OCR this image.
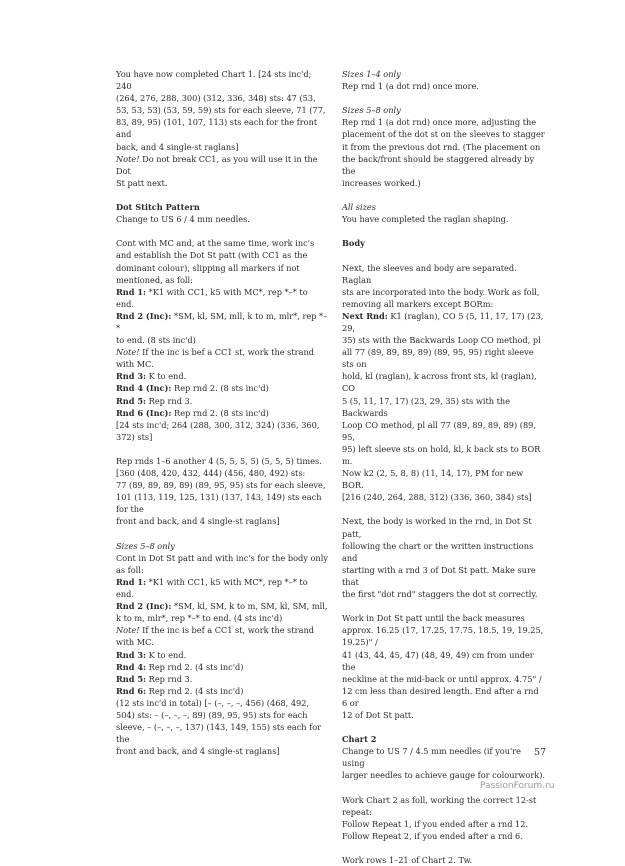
You have now completed Chart 1. [24 sts inc'd; 240
(264, 276, 288, 300) (312, 336, 348) sts: 47 (53,
53, 53, 53) (53, 59, 59) sts for each sleeve, 71 (77,
83, 89, 95) (101, 107, 113) sts each for the front and
back, and 4 single-st raglans]
Note! Do not break CC1, as you will use it in the Dot
St patt next.

Dot Stitch Pattern
Change to US 6 / 4 mm needles.

Cont with MC and, at the same time, work inc's
and establish the Dot St patt (with CC1 as the
dominant colour), slipping all markers if not
mentioned, as foll:
Rnd 1: *K1 with CC1, k5 with MC*, rep *–* to end.
Rnd 2 (Inc): *SM, kl, SM, mll, k to m, mlr*, rep *–*
to end. (8 sts inc'd)
Note! If the inc is bef a CC1 st, work the strand
with MC.
Rnd 3: K to end.
Rnd 4 (Inc): Rep rnd 2. (8 sts inc'd)
Rnd 5: Rep rnd 3.
Rnd 6 (Inc): Rep rnd 2. (8 sts inc'd)
[24 sts inc'd; 264 (288, 300, 312, 324) (336, 360,
372) sts]

Rep rnds 1–6 another 4 (5, 5, 5, 5) (5, 5, 5) times.
[360 (408, 420, 432, 444) (456, 480, 492) sts:
77 (89, 89, 89, 89) (89, 95, 95) sts for each sleeve,
101 (113, 119, 125, 131) (137, 143, 149) sts each for the
front and back, and 4 single-st raglans]

Sizes 5–8 only
Cont in Dot St patt and with inc's for the body only
as foll:
Rnd 1: *K1 with CC1, k5 with MC*, rep *–* to end.
Rnd 2 (Inc): *SM, kl, SM, k to m, SM, kl, SM, mll,
k to m, mlr*, rep *–* to end. (4 sts inc'd)
Note! If the inc is bef a CC1 st, work the strand
with MC.
Rnd 3: K to end.
Rnd 4: Rep rnd 2. (4 sts inc'd)
Rnd 5: Rep rnd 3.
Rnd 6: Rep rnd 2. (4 sts inc'd)
(12 sts inc'd in total) [– (–, –, –, 456) (468, 492,
504) sts: – (–, –, –, 89) (89, 95, 95) sts for each
sleeve, – (–, –, –, 137) (143, 149, 155) sts each for the
front and back, and 4 single-st raglans]

Sizes 1–4 only
Rep rnd 1 (a dot rnd) once more.

Sizes 5–8 only
Rep rnd 1 (a dot rnd) once more, adjusting the
placement of the dot st on the sleeves to stagger
it from the previous dot rnd. (The placement on
the back/front should be staggered already by the
increases worked.)

All sizes
You have completed the raglan shaping.

Body

Next, the sleeves and body are separated. Raglan
sts are incorporated into the body. Work as foll,
removing all markers except BORm:
Next Rnd: K1 (raglan), CO 5 (5, 11, 17, 17) (23, 29,
35) sts with the Backwards Loop CO method, pl
all 77 (89, 89, 89, 89) (89, 95, 95) right sleeve sts on
hold, kl (raglan), k across front sts, kl (raglan), CO
5 (5, 11, 17, 17) (23, 29, 35) sts with the Backwards
Loop CO method, pl all 77 (89, 89, 89, 89) (89, 95,
95) left sleeve sts on hold, kl, k back sts to BOR m.
Now k2 (2, 5, 8, 8) (11, 14, 17), PM for new BOR.
[216 (240, 264, 288, 312) (336, 360, 384) sts]

Next, the body is worked in the rnd, in Dot St patt,
following the chart or the written instructions and
starting with a rnd 3 of Dot St patt. Make sure that
the first "dot rnd" staggers the dot st correctly.

Work in Dot St patt until the back measures
approx. 16.25 (17, 17.25, 17.75, 18.5, 19, 19.25, 19.25)" /
41 (43, 44, 45, 47) (48, 49, 49) cm from under the
neckline at the mid-back or until approx. 4.75" /
12 cm less than desired length. End after a rnd 6 or
12 of Dot St patt.

Chart 2
Change to US 7 / 4.5 mm needles (if you're using
larger needles to achieve gauge for colourwork).

Work Chart 2 as foll, working the correct 12-st
repeat:
Follow Repeat 1, if you ended after a rnd 12.
Follow Repeat 2, if you ended after a rnd 6.

Work rows 1–21 of Chart 2. Tw.

57
PassionForum.ru
